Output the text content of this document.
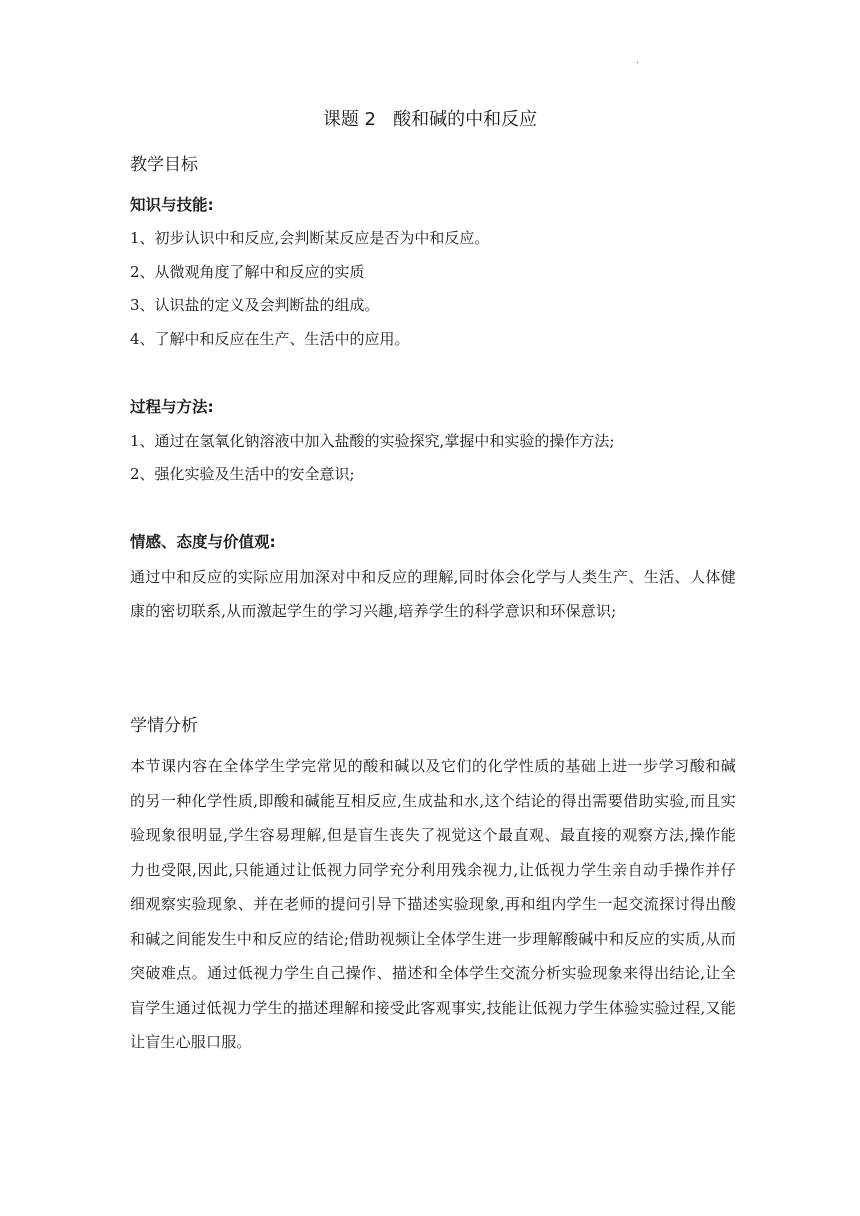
·
课题 2   酸和碱的中和反应
教学目标
知识与技能:
1、初步认识中和反应,会判断某反应是否为中和反应。
2、从微观角度了解中和反应的实质
3、认识盐的定义及会判断盐的组成。
4、了解中和反应在生产、生活中的应用。
过程与方法:
1、通过在氢氧化钠溶液中加入盐酸的实验探究,掌握中和实验的操作方法;
2、强化实验及生活中的安全意识;
情感、态度与价值观:
通过中和反应的实际应用加深对中和反应的理解,同时体会化学与人类生产、生活、人体健康的密切联系,从而激起学生的学习兴趣,培养学生的科学意识和环保意识;
学情分析
本节课内容在全体学生学完常见的酸和碱以及它们的化学性质的基础上进一步学习酸和碱的另一种化学性质,即酸和碱能互相反应,生成盐和水,这个结论的得出需要借助实验,而且实验现象很明显,学生容易理解,但是盲生丧失了视觉这个最直观、最直接的观察方法,操作能力也受限,因此,只能通过让低视力同学充分利用残余视力,让低视力学生亲自动手操作并仔细观察实验现象、并在老师的提问引导下描述实验现象,再和组内学生一起交流探讨得出酸和碱之间能发生中和反应的结论;借助视频让全体学生进一步理解酸碱中和反应的实质,从而突破难点。通过低视力学生自己操作、描述和全体学生交流分析实验现象来得出结论,让全盲学生通过低视力学生的描述理解和接受此客观事实,技能让低视力学生体验实验过程,又能让盲生心服口服。
